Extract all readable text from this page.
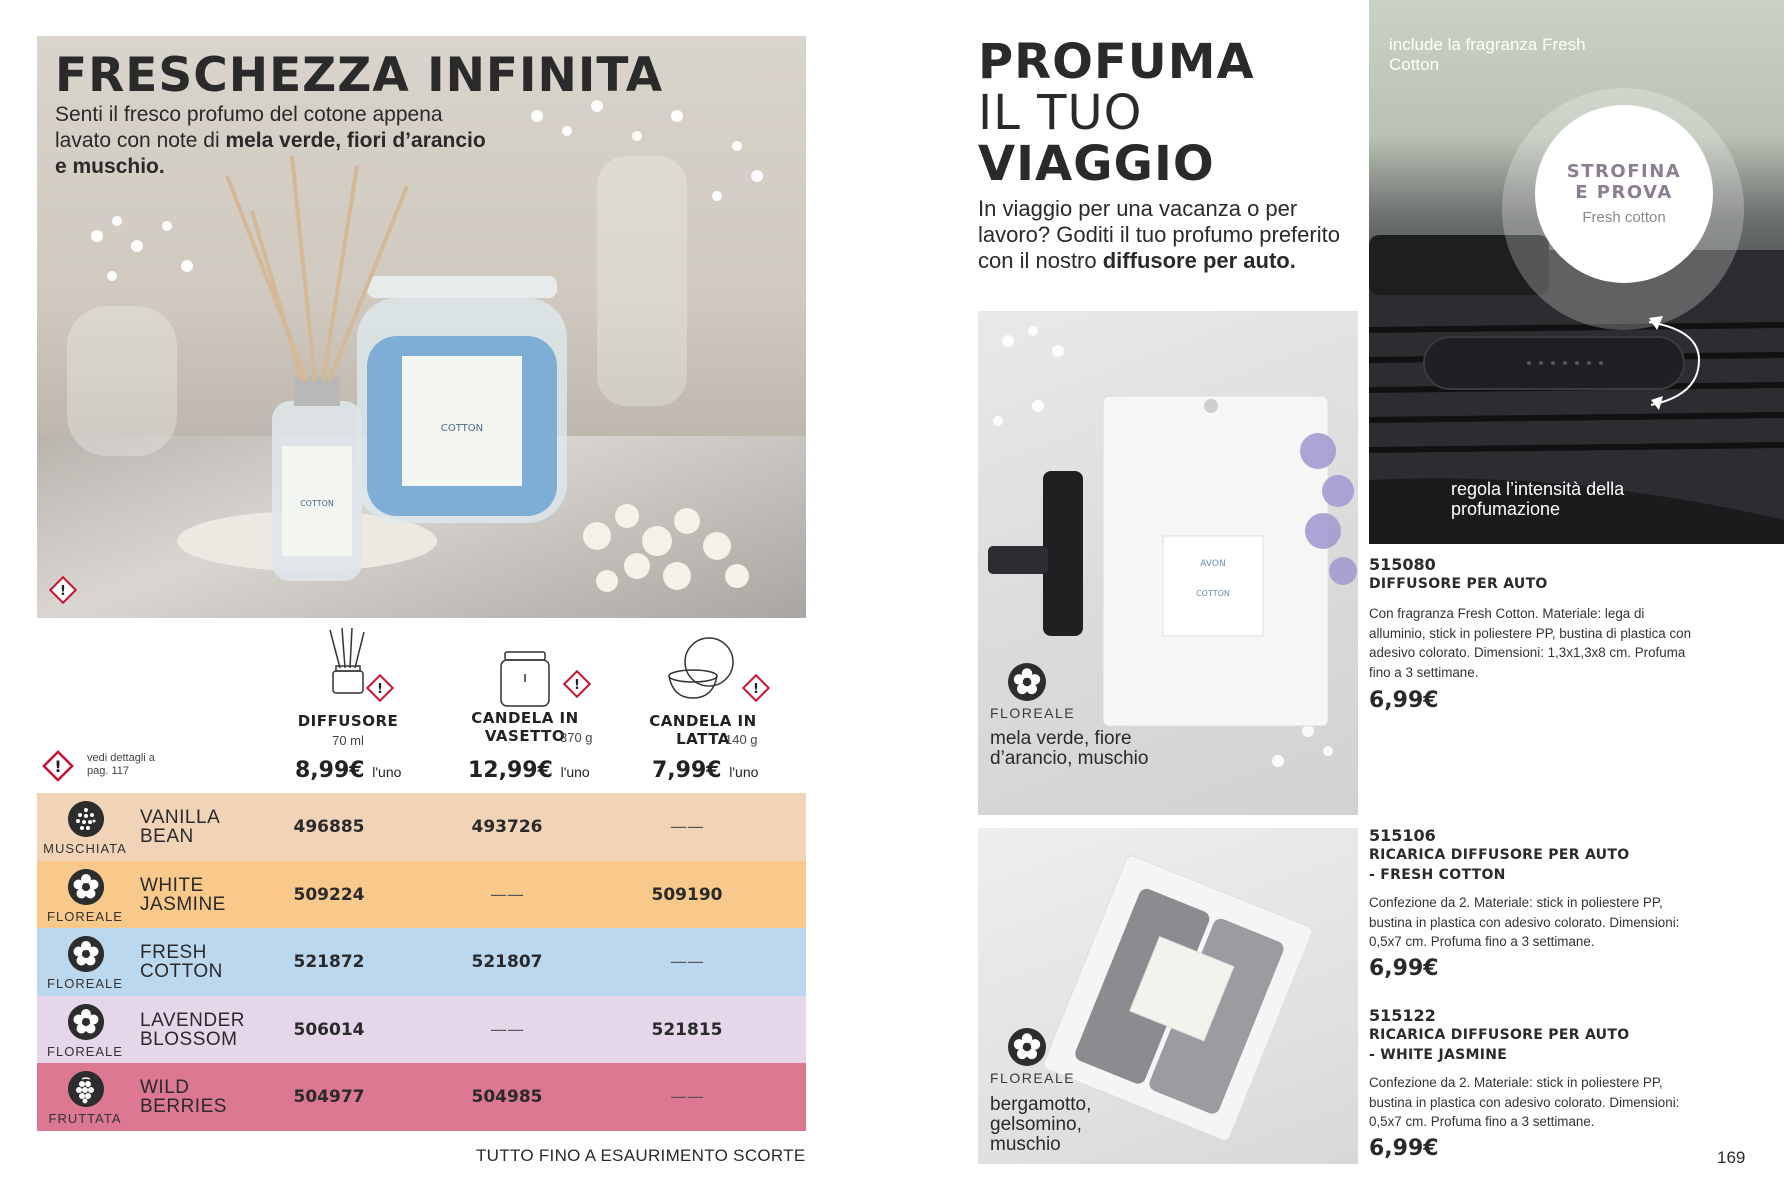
COTTON
COTTON
FRESCHEZZA INFINITA
Senti il fresco profumo del cotone appena lavato con note di mela verde, fiori d’arancio e muschio.
!
!
DIFFUSORE
70 ml
8,99€ l'uno
!
CANDELA IN VASETTO
370 g
12,99€ l'uno
!
CANDELA IN LATTA
140 g
7,99€ l'uno
! vedi dettagli a pag. 117
MUSCHIATA
VANILLA
BEAN	496885	493726	——
FLOREALE
WHITE
JASMINE	509224	——	509190
FLOREALE
FRESH
COTTON	521872	521807	——
FLOREALE
LAVENDER
BLOSSOM	506014	——	521815
FRUTTATA
WILD
BERRIES	504977	504985	——
TUTTO FINO A ESAURIMENTO SCORTE
PROFUMA
IL TUO
VIAGGIO
In viaggio per una vacanza o per lavoro? Goditi il tuo profumo preferito con il nostro diffusore per auto.
include la fragranza Fresh Cotton
STROFINA
E PROVA
Fresh cotton
regola l’intensità della profumazione
AVON
COTTON
FLOREALE
mela verde, fiore d’arancio, muschio
FLOREALE
bergamotto, gelsomino, muschio
515080
DIFFUSORE PER AUTO
Con fragranza Fresh Cotton. Materiale: lega di alluminio, stick in poliestere PP, bustina di plastica con adesivo colorato. Dimensioni: 1,3x1,3x8 cm. Profuma fino a 3 settimane.
6,99€
515106
RICARICA DIFFUSORE PER AUTO
- FRESH COTTON
Confezione da 2. Materiale: stick in poliestere PP, bustina in plastica con adesivo colorato. Dimensioni: 0,5x7 cm. Profuma fino a 3 settimane.
6,99€
515122
RICARICA DIFFUSORE PER AUTO
- WHITE JASMINE
Confezione da 2. Materiale: stick in poliestere PP, bustina in plastica con adesivo colorato. Dimensioni: 0,5x7 cm. Profuma fino a 3 settimane.
6,99€	169
